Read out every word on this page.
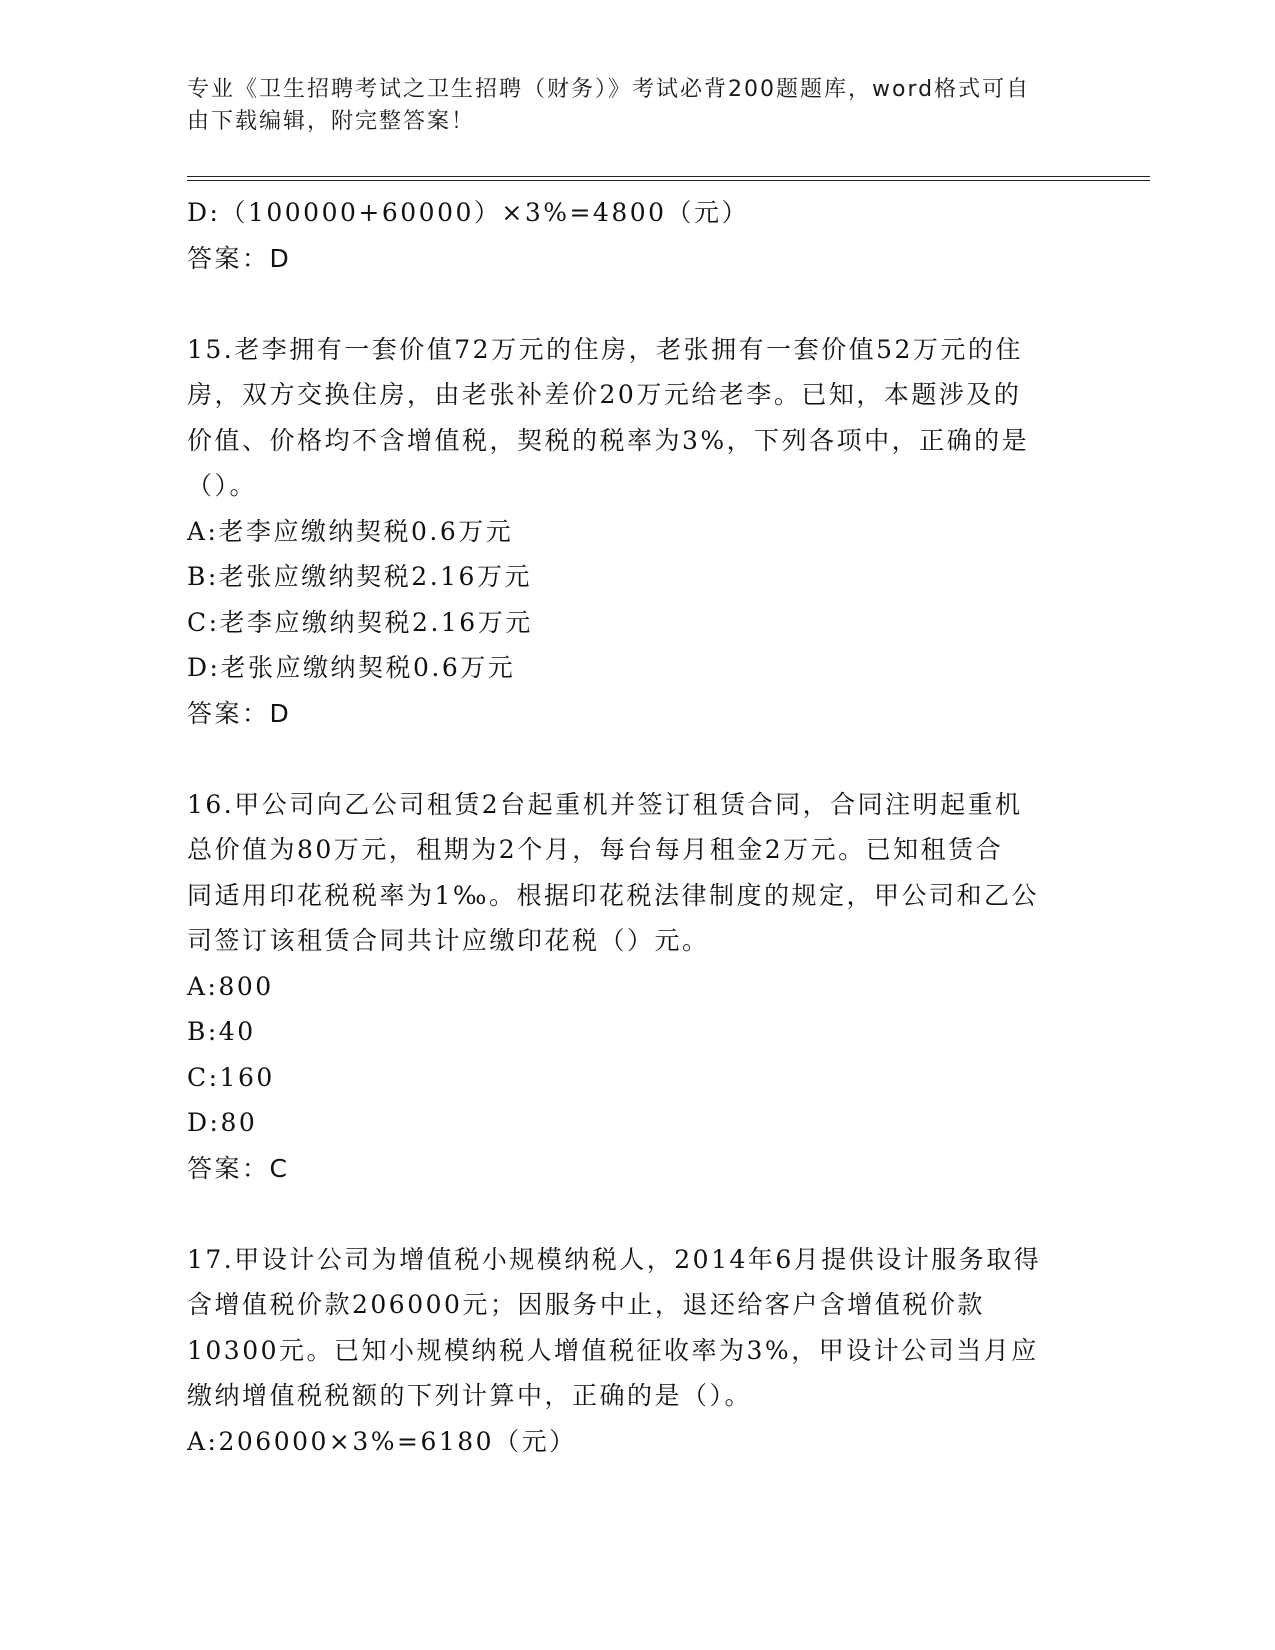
专业《卫生招聘考试之卫生招聘（财务）》考试必背200题题库，word格式可自
由下载编辑，附完整答案！
D:（100000+60000）×3%=4800（元）
答案：D
15.老李拥有一套价值72万元的住房，老张拥有一套价值52万元的住
房，双方交换住房，由老张补差价20万元给老李。已知，本题涉及的
价值、价格均不含增值税，契税的税率为3%，下列各项中，正确的是
（）。
A:老李应缴纳契税0.6万元
B:老张应缴纳契税2.16万元
C:老李应缴纳契税2.16万元
D:老张应缴纳契税0.6万元
答案：D
16.甲公司向乙公司租赁2台起重机并签订租赁合同，合同注明起重机
总价值为80万元，租期为2个月，每台每月租金2万元。已知租赁合
同适用印花税税率为1‰。根据印花税法律制度的规定，甲公司和乙公
司签订该租赁合同共计应缴印花税（）元。
A:800
B:40
C:160
D:80
答案：C
17.甲设计公司为增值税小规模纳税人，2014年6月提供设计服务取得
含增值税价款206000元；因服务中止，退还给客户含增值税价款
10300元。已知小规模纳税人增值税征收率为3%，甲设计公司当月应
缴纳增值税税额的下列计算中，正确的是（）。
A:206000×3%=6180（元）
